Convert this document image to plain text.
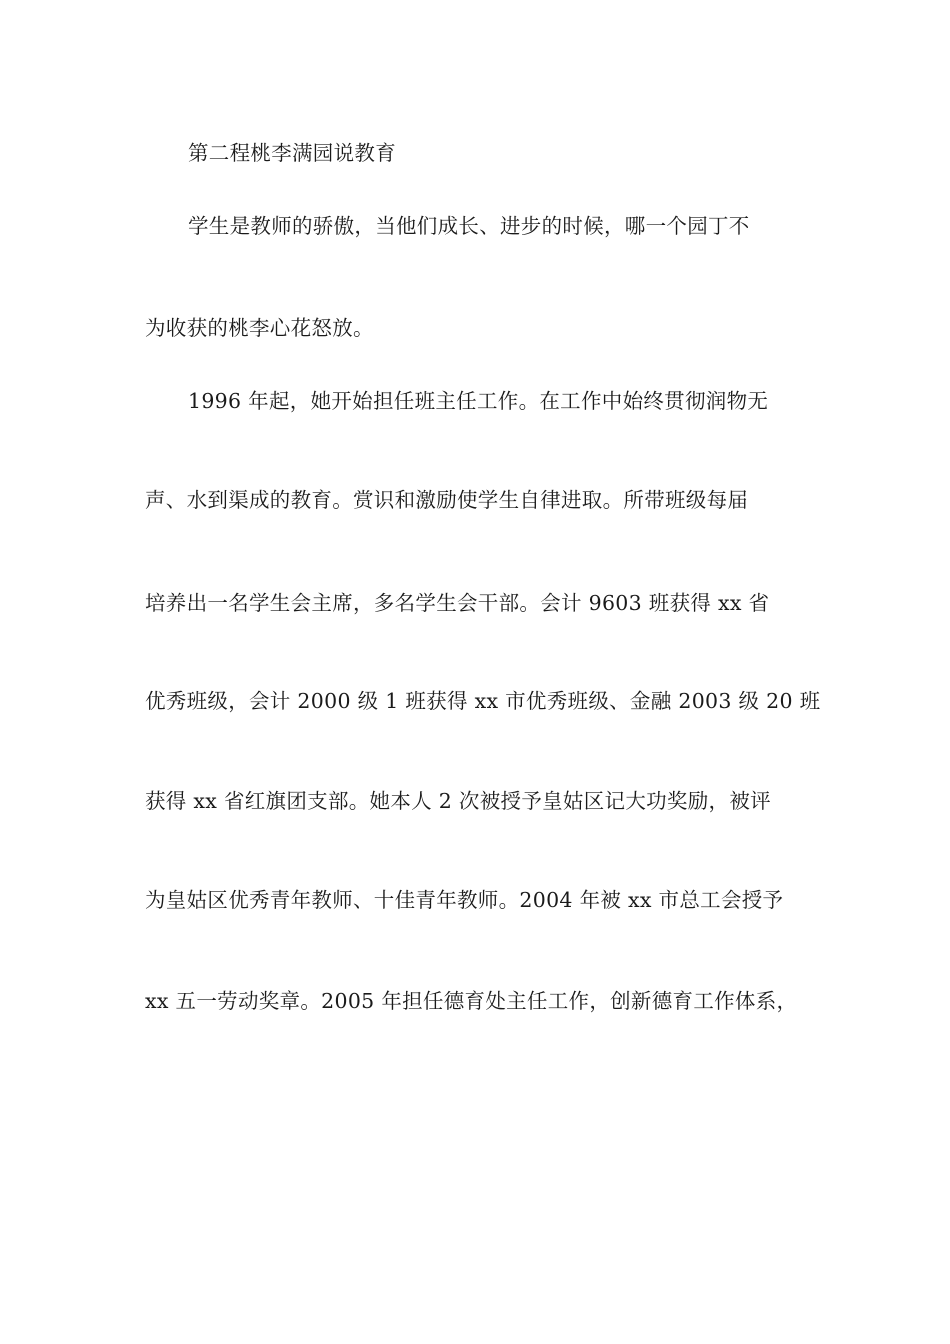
第二程桃李满园说教育
学生是教师的骄傲，当他们成长、进步的时候，哪一个园丁不
为收获的桃李心花怒放。
1996 年起，她开始担任班主任工作。在工作中始终贯彻润物无
声、水到渠成的教育。赏识和激励使学生自律进取。所带班级每届
培养出一名学生会主席，多名学生会干部。会计 9603 班获得 xx 省
优秀班级，会计 2000 级 1 班获得 xx 市优秀班级、金融 2003 级 20 班
获得 xx 省红旗团支部。她本人 2 次被授予皇姑区记大功奖励，被评
为皇姑区优秀青年教师、十佳青年教师。2004 年被 xx 市总工会授予
xx 五一劳动奖章。2005 年担任德育处主任工作，创新德育工作体系，
